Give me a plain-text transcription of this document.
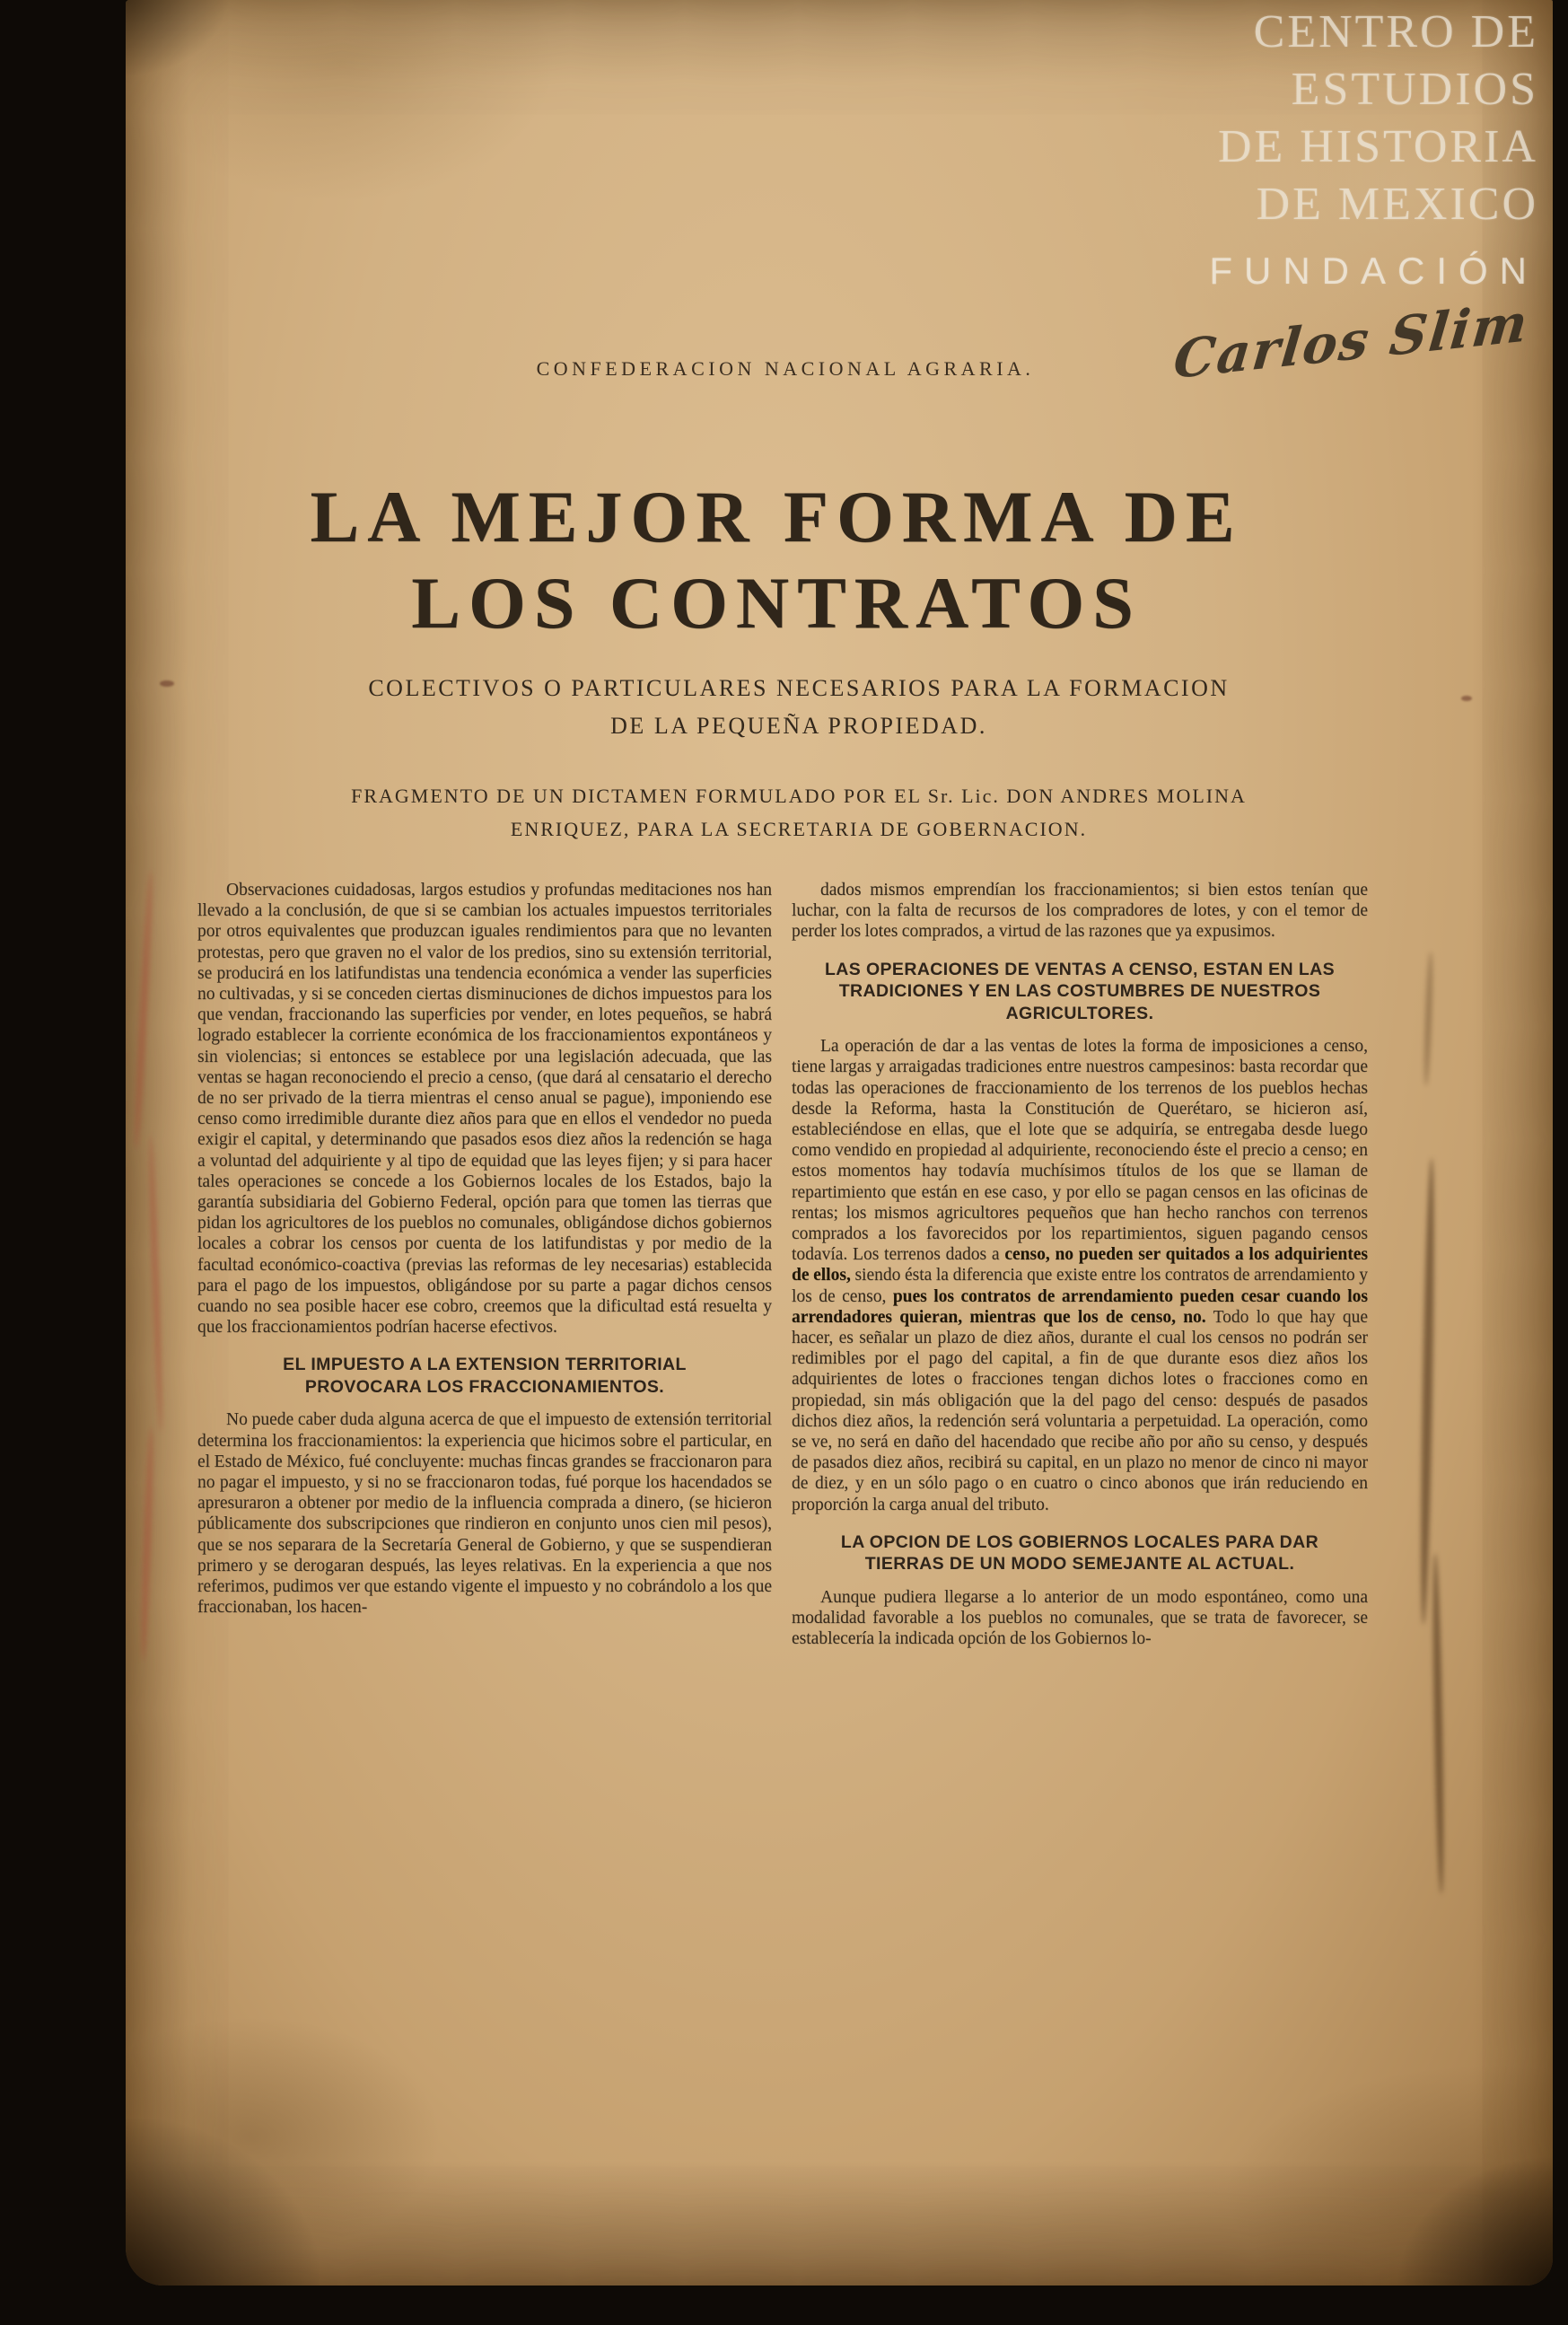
CENTRO DE
ESTUDIOS
DE HISTORIA
DE MEXICO
FUNDACIÓN
Carlos Slim
CONFEDERACION NACIONAL AGRARIA.
LA MEJOR FORMA DE
LOS CONTRATOS
COLECTIVOS O PARTICULARES NECESARIOS PARA LA FORMACION
DE LA PEQUEÑA PROPIEDAD.
FRAGMENTO DE UN DICTAMEN FORMULADO POR EL Sr. Lic. DON ANDRES MOLINA
ENRIQUEZ, PARA LA SECRETARIA DE GOBERNACION.
Observaciones cuidadosas, largos estudios y profundas meditaciones nos han llevado a la conclusión, de que si se cambian los actuales impuestos territoriales por otros equivalentes que produzcan iguales rendimientos para que no levanten protestas, pero que graven no el valor de los predios, sino su extensión territorial, se producirá en los latifundistas una tendencia económica a vender las superficies no cultivadas, y si se conceden ciertas disminuciones de dichos impuestos para los que vendan, fraccionando las superficies por vender, en lotes pequeños, se habrá logrado establecer la corriente económica de los fraccionamientos expontáneos y sin violencias; si entonces se establece por una legislación adecuada, que las ventas se hagan reconociendo el precio a censo, (que dará al censatario el derecho de no ser privado de la tierra mientras el censo anual se pague), imponiendo ese censo como irredimible durante diez años para que en ellos el vendedor no pueda exigir el capital, y determinando que pasados esos diez años la redención se haga a voluntad del adquiriente y al tipo de equidad que las leyes fijen; y si para hacer tales operaciones se concede a los Gobiernos locales de los Estados, bajo la garantía subsidiaria del Gobierno Federal, opción para que tomen las tierras que pidan los agricultores de los pueblos no comunales, obligándose dichos gobiernos locales a cobrar los censos por cuenta de los latifundistas y por medio de la facultad económico-coactiva (previas las reformas de ley necesarias) establecida para el pago de los impuestos, obligándose por su parte a pagar dichos censos cuando no sea posible hacer ese cobro, creemos que la dificultad está resuelta y que los fraccionamientos podrían hacerse efectivos.
EL IMPUESTO A LA EXTENSION TERRITORIAL PROVOCARA LOS FRACCIONAMIENTOS.
No puede caber duda alguna acerca de que el impuesto de extensión territorial determina los fraccionamientos: la experiencia que hicimos sobre el particular, en el Estado de México, fué concluyente: muchas fincas grandes se fraccionaron para no pagar el impuesto, y si no se fraccionaron todas, fué porque los hacendados se apresuraron a obtener por medio de la influencia comprada a dinero, (se hicieron públicamente dos subscripciones que rindieron en conjunto unos cien mil pesos), que se nos separara de la Secretaría General de Gobierno, y que se suspendieran primero y se derogaran después, las leyes relativas. En la experiencia a que nos referimos, pudimos ver que estando vigente el impuesto y no cobrándolo a los que fraccionaban, los hacen-
dados mismos emprendían los fraccionamientos; si bien estos tenían que luchar, con la falta de recursos de los compradores de lotes, y con el temor de perder los lotes comprados, a virtud de las razones que ya expusimos.
LAS OPERACIONES DE VENTAS A CENSO, ESTAN EN LAS TRADICIONES Y EN LAS COSTUMBRES DE NUESTROS AGRICULTORES.
La operación de dar a las ventas de lotes la forma de imposiciones a censo, tiene largas y arraigadas tradiciones entre nuestros campesinos: basta recordar que todas las operaciones de fraccionamiento de los terrenos de los pueblos hechas desde la Reforma, hasta la Constitución de Querétaro, se hicieron así, estableciéndose en ellas, que el lote que se adquiría, se entregaba desde luego como vendido en propiedad al adquiriente, reconociendo éste el precio a censo; en estos momentos hay todavía muchísimos títulos de los que se llaman de repartimiento que están en ese caso, y por ello se pagan censos en las oficinas de rentas; los mismos agricultores pequeños que han hecho ranchos con terrenos comprados a los favorecidos por los repartimientos, siguen pagando censos todavía. Los terrenos dados a censo, no pueden ser quitados a los adquirientes de ellos, siendo ésta la diferencia que existe entre los contratos de arrendamiento y los de censo, pues los contratos de arrendamiento pueden cesar cuando los arrendadores quieran, mientras que los de censo, no. Todo lo que hay que hacer, es señalar un plazo de diez años, durante el cual los censos no podrán ser redimibles por el pago del capital, a fin de que durante esos diez años los adquirientes de lotes o fracciones tengan dichos lotes o fracciones como en propiedad, sin más obligación que la del pago del censo: después de pasados dichos diez años, la redención será voluntaria a perpetuidad. La operación, como se ve, no será en daño del hacendado que recibe año por año su censo, y después de pasados diez años, recibirá su capital, en un plazo no menor de cinco ni mayor de diez, y en un sólo pago o en cuatro o cinco abonos que irán reduciendo en proporción la carga anual del tributo.
LA OPCION DE LOS GOBIERNOS LOCALES PARA DAR TIERRAS DE UN MODO SEMEJANTE AL ACTUAL.
Aunque pudiera llegarse a lo anterior de un modo espontáneo, como una modalidad favorable a los pueblos no comunales, que se trata de favorecer, se establecería la indicada opción de los Gobiernos lo-
